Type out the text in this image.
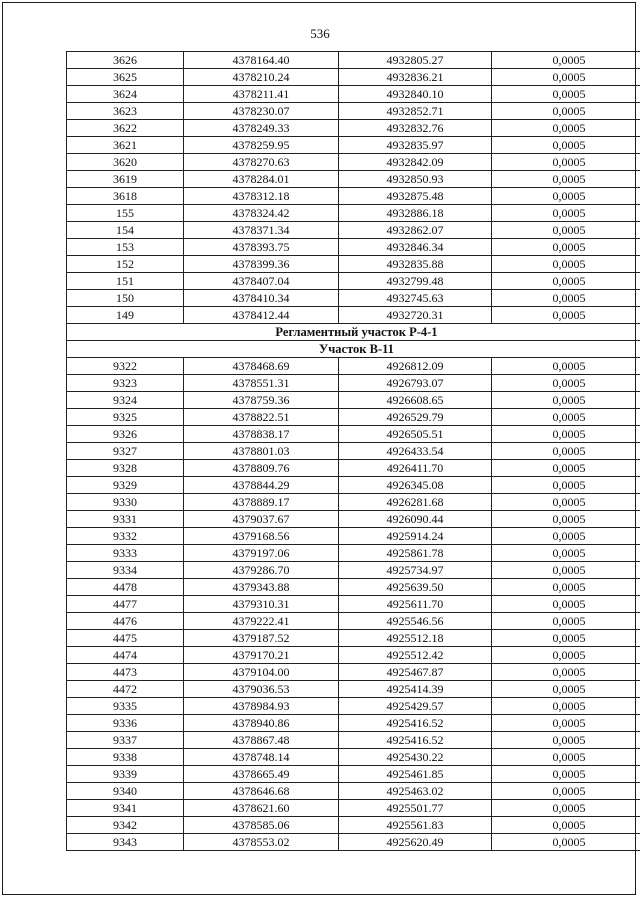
536
3626	4378164.40	4932805.27	0,0005
3625	4378210.24	4932836.21	0,0005
3624	4378211.41	4932840.10	0,0005
3623	4378230.07	4932852.71	0,0005
3622	4378249.33	4932832.76	0,0005
3621	4378259.95	4932835.97	0,0005
3620	4378270.63	4932842.09	0,0005
3619	4378284.01	4932850.93	0,0005
3618	4378312.18	4932875.48	0,0005
155	4378324.42	4932886.18	0,0005
154	4378371.34	4932862.07	0,0005
153	4378393.75	4932846.34	0,0005
152	4378399.36	4932835.88	0,0005
151	4378407.04	4932799.48	0,0005
150	4378410.34	4932745.63	0,0005
149	4378412.44	4932720.31	0,0005
Регламентный участок Р-4-1			
Участок В-11			
9322	4378468.69	4926812.09	0,0005
9323	4378551.31	4926793.07	0,0005
9324	4378759.36	4926608.65	0,0005
9325	4378822.51	4926529.79	0,0005
9326	4378838.17	4926505.51	0,0005
9327	4378801.03	4926433.54	0,0005
9328	4378809.76	4926411.70	0,0005
9329	4378844.29	4926345.08	0,0005
9330	4378889.17	4926281.68	0,0005
9331	4379037.67	4926090.44	0,0005
9332	4379168.56	4925914.24	0,0005
9333	4379197.06	4925861.78	0,0005
9334	4379286.70	4925734.97	0,0005
4478	4379343.88	4925639.50	0,0005
4477	4379310.31	4925611.70	0,0005
4476	4379222.41	4925546.56	0,0005
4475	4379187.52	4925512.18	0,0005
4474	4379170.21	4925512.42	0,0005
4473	4379104.00	4925467.87	0,0005
4472	4379036.53	4925414.39	0,0005
9335	4378984.93	4925429.57	0,0005
9336	4378940.86	4925416.52	0,0005
9337	4378867.48	4925416.52	0,0005
9338	4378748.14	4925430.22	0,0005
9339	4378665.49	4925461.85	0,0005
9340	4378646.68	4925463.02	0,0005
9341	4378621.60	4925501.77	0,0005
9342	4378585.06	4925561.83	0,0005
9343	4378553.02	4925620.49	0,0005
